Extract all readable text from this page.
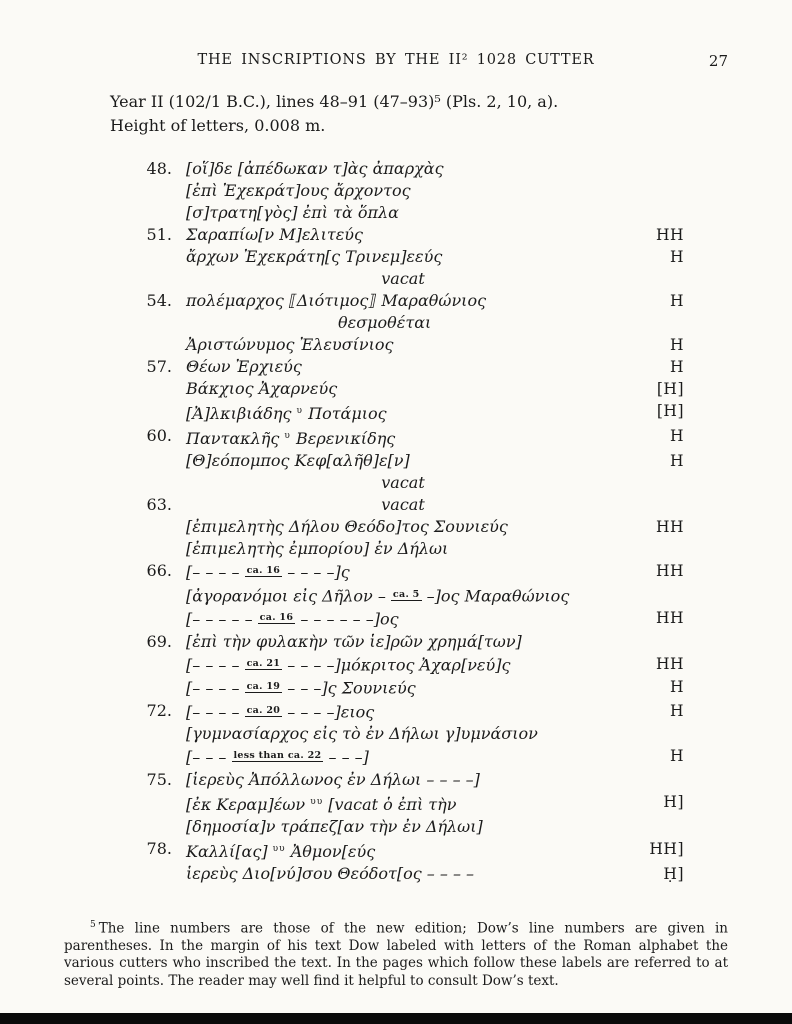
THE INSCRIPTIONS BY THE II² 1028 CUTTER	27
Year II (102/1 B.C.), lines 48–91 (47–93)⁵ (Pls. 2, 10, a).
Height of letters, 0.008 m.
48. [οἵ]δε [ἀπέδωκαν τ]ὰς ἀπαρχὰς
[ἐπὶ Ἐχεκράτ]ους ἄρχοντος
[σ]τρατη[γὸς] ἐπὶ τὰ ὅπλα
51. Σαραπίω[ν Μ]ελιτεύς	HH
ἄρχων Ἐχεκράτη[ς Τρινεμ]εεύς	H
vacat
54. πολέμαρχος ⟦Διότιμος⟧ Μαραθώνιος	H
θεσμοθέται
Ἀριστώνυμος Ἐλευσίνιος	H
57. Θέων Ἐρχιεύς	H
Βάκχιος Ἀχαρνεύς	[H]
[Ἀ]λκιβιάδης $^\upsilon$ Ποτάμιος	[H]
60. Παντακλῆς $^\upsilon$ Βερενικίδης	H
[Θ]εόπομπος Κεφ[αλῆθ]ε[ν]	H
vacat
63.	vacat
[ἐπιμελητὴς Δήλου Θεόδο]τος Σουνιεύς	HH
[ἐπιμελητὴς ἐμπορίου] ἐν Δήλωι
66. [– – – – $^{ca. 16}$ – – – –]ς	HH
[ἀγορανόμοι εἰς Δῆλον – $^{ca. 5}$ –]ος Μαραθώνιος
[– – – – – $^{ca. 16}$ – – – – – –]ος	HH
69. [ἐπὶ τὴν φυλακὴν τῶν ἱε]ρῶν χρημά[των]
[– – – – $^{ca. 21}$ – – – –]μόκριτος Ἀχαρ[νεύ]ς	HH
[– – – – $^{ca. 19}$ – – –]ς Σουνιεύς	H
72. [– – – – $^{ca. 20}$ – – – –]ειος	H
[γυμνασίαρχος εἰς τὸ ἐν Δήλωι γ]υμνάσιον
[– – – $^{less than ca. 22}$ – – –]	H
75. [ἱερεὺς Ἀπόλλωνος ἐν Δήλωι – – – –]
[ἐκ Κεραμ]έων $^{\upsilon\upsilon}$ [vacat ὁ ἐπὶ τὴν	H]
[δημοσία]ν τράπεζ[αν τὴν ἐν Δήλωι]
78. Καλλί[ας] $^{\upsilon\upsilon}$ Ἀθμον[εύς	HH]
ἱερεὺς Διο[νύ]σου Θεόδοτ[ος – – – –	Ḥ]

$^5$ The line numbers are those of the new edition; Dow’s line numbers are given in parentheses. In the margin of his text Dow labeled with letters of the Roman alphabet the various cutters who inscribed the text. In the pages which follow these labels are referred to at several points. The reader may well find it helpful to consult Dow’s text.
